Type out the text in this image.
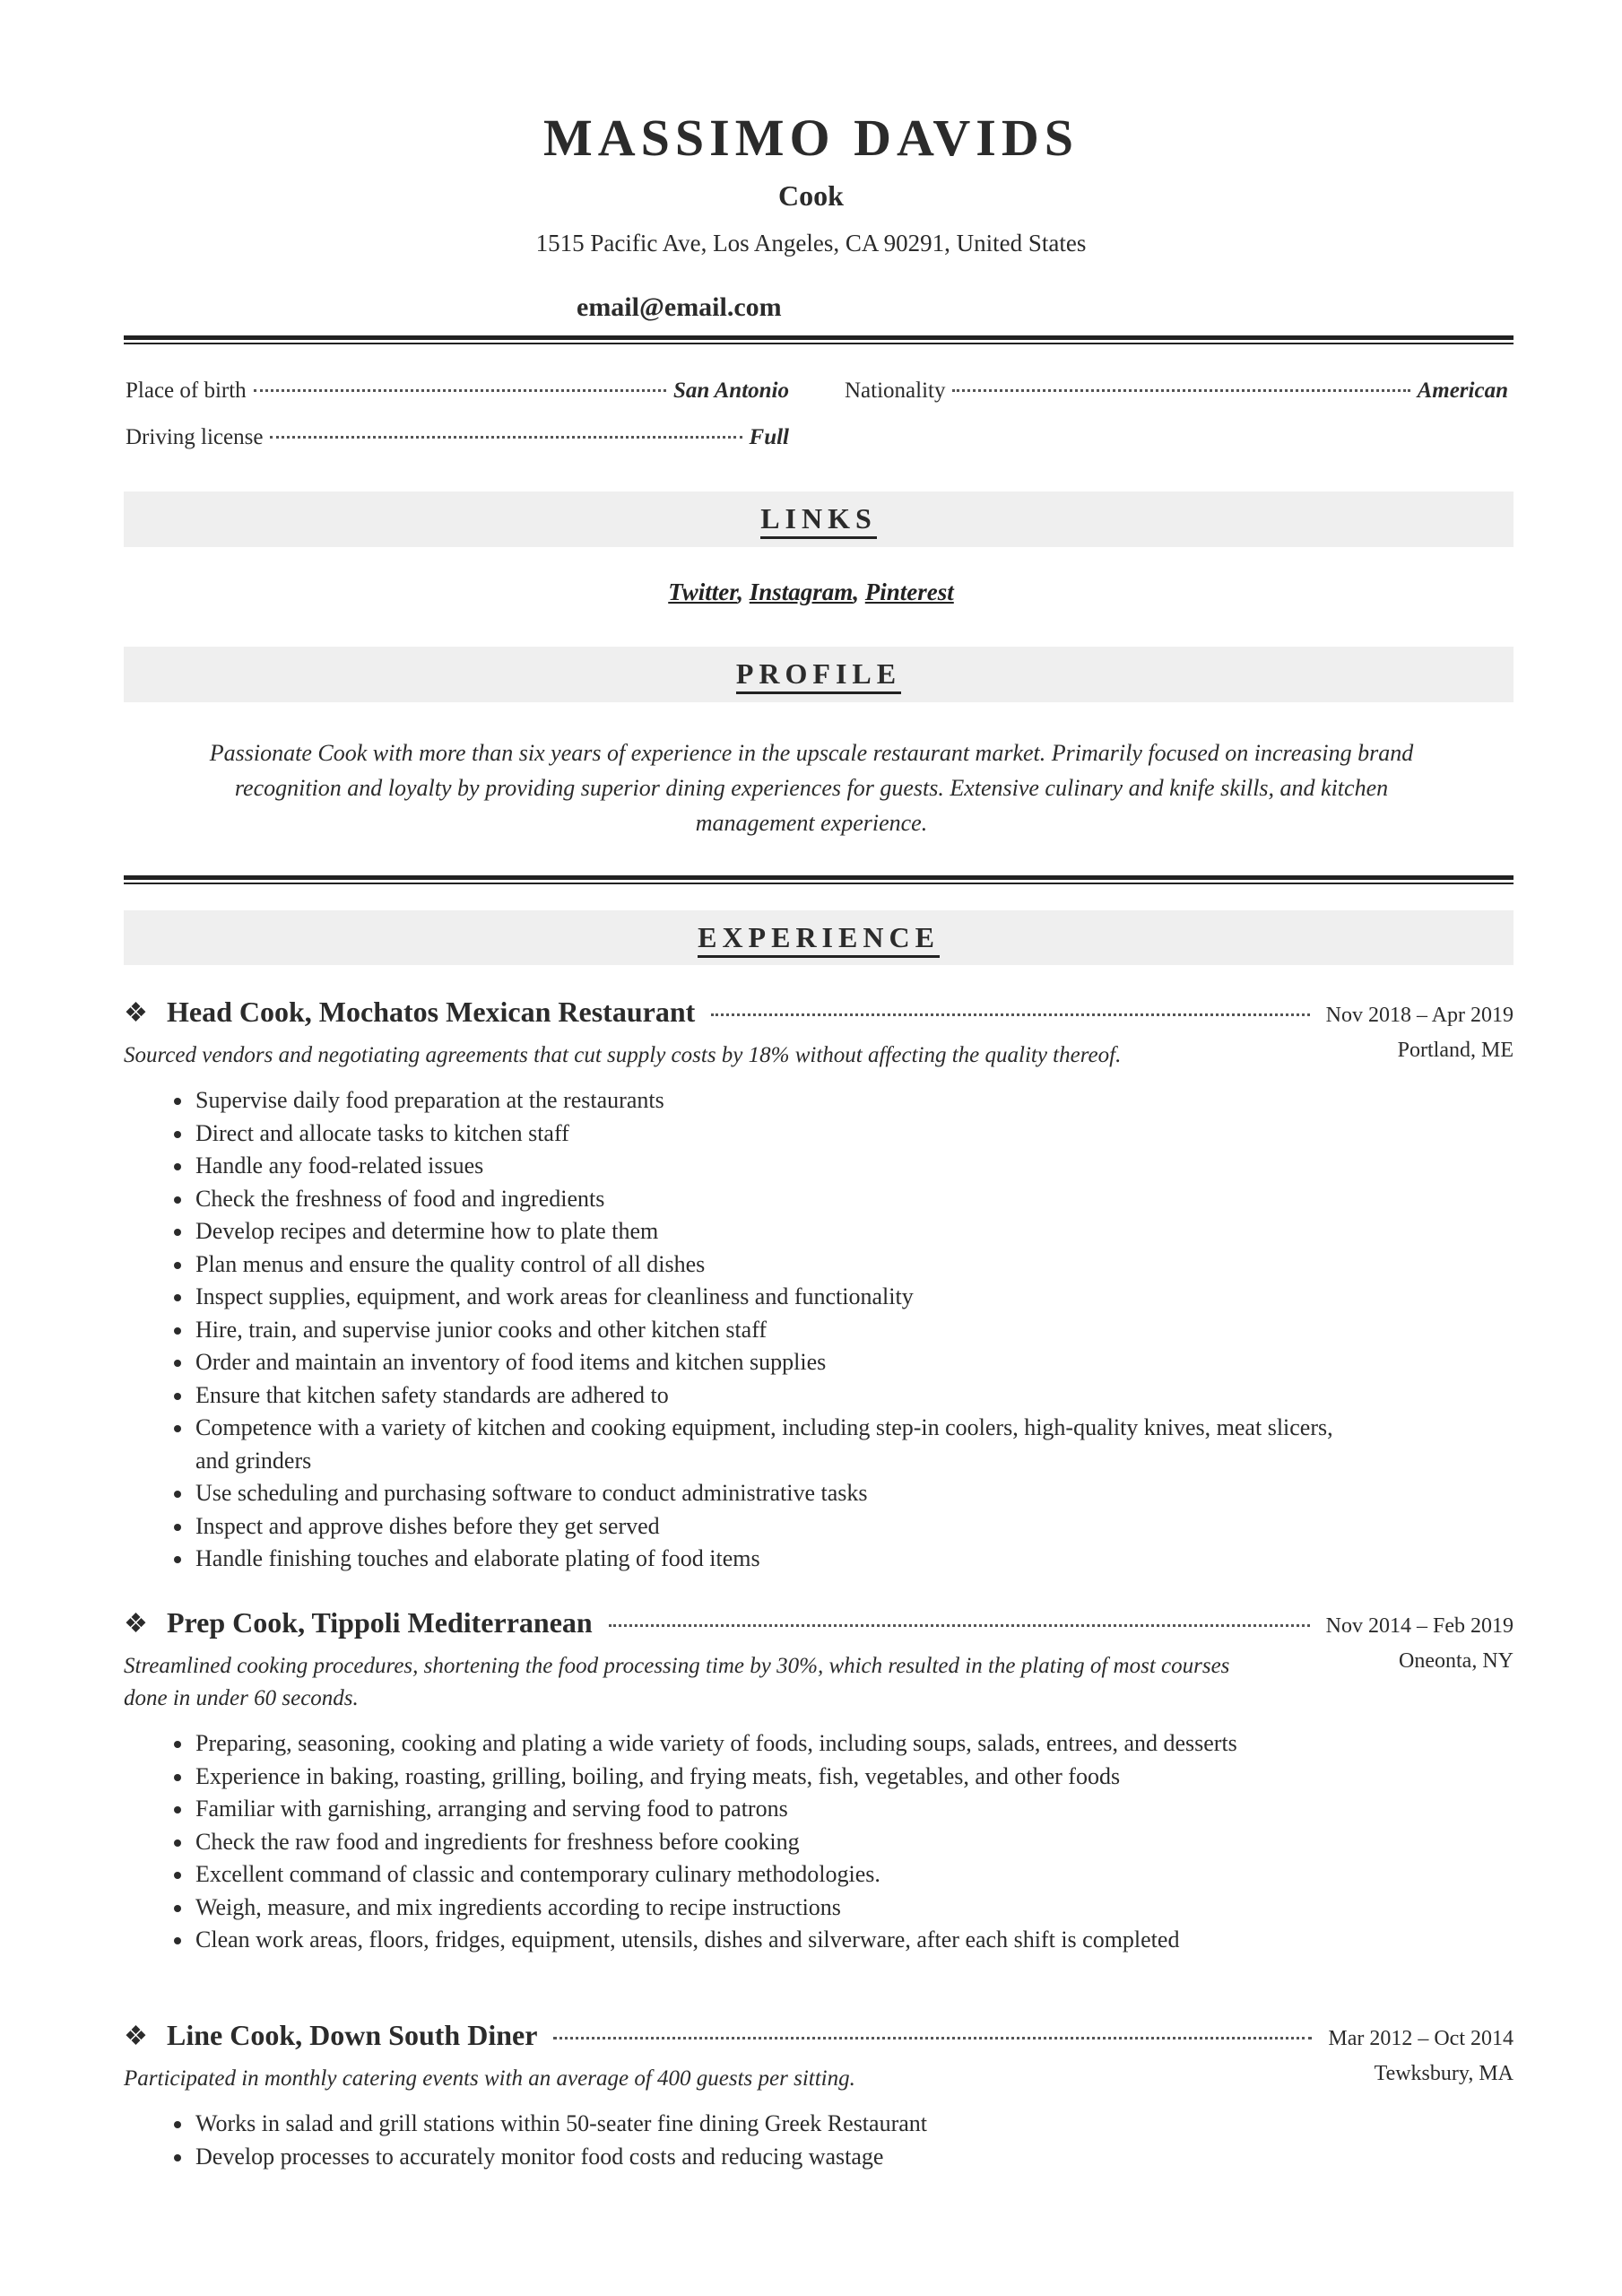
MASSIMO DAVIDS
Cook
1515 Pacific Ave, Los Angeles, CA 90291, United States
email@email.com
Place of birth	San Antonio Nationality	American
Driving license	Full
LINKS
Twitter, Instagram, Pinterest
PROFILE
Passionate Cook with more than six years of experience in the upscale restaurant market. Primarily focused on increasing brand recognition and loyalty by providing superior dining experiences for guests. Extensive culinary and knife skills, and kitchen management experience.
EXPERIENCE
❖ Head Cook, Mochatos Mexican Restaurant	Nov 2018 – Apr 2019
Portland, ME
Sourced vendors and negotiating agreements that cut supply costs by 18% without affecting the quality thereof.
• Supervise daily food preparation at the restaurants
• Direct and allocate tasks to kitchen staff
• Handle any food-related issues
• Check the freshness of food and ingredients
• Develop recipes and determine how to plate them
• Plan menus and ensure the quality control of all dishes
• Inspect supplies, equipment, and work areas for cleanliness and functionality
• Hire, train, and supervise junior cooks and other kitchen staff
• Order and maintain an inventory of food items and kitchen supplies
• Ensure that kitchen safety standards are adhered to
• Competence with a variety of kitchen and cooking equipment, including step-in coolers, high-quality knives, meat slicers, and grinders
• Use scheduling and purchasing software to conduct administrative tasks
• Inspect and approve dishes before they get served
• Handle finishing touches and elaborate plating of food items
❖ Prep Cook, Tippoli Mediterranean	Nov 2014 – Feb 2019
Oneonta, NY
Streamlined cooking procedures, shortening the food processing time by 30%, which resulted in the plating of most courses done in under 60 seconds.
• Preparing, seasoning, cooking and plating a wide variety of foods, including soups, salads, entrees, and desserts
• Experience in baking, roasting, grilling, boiling, and frying meats, fish, vegetables, and other foods
• Familiar with garnishing, arranging and serving food to patrons
• Check the raw food and ingredients for freshness before cooking
• Excellent command of classic and contemporary culinary methodologies.
• Weigh, measure, and mix ingredients according to recipe instructions
• Clean work areas, floors, fridges, equipment, utensils, dishes and silverware, after each shift is completed
❖ Line Cook, Down South Diner	Mar 2012 – Oct 2014
Tewksbury, MA
Participated in monthly catering events with an average of 400 guests per sitting.
• Works in salad and grill stations within 50-seater fine dining Greek Restaurant
• Develop processes to accurately monitor food costs and reducing wastage
